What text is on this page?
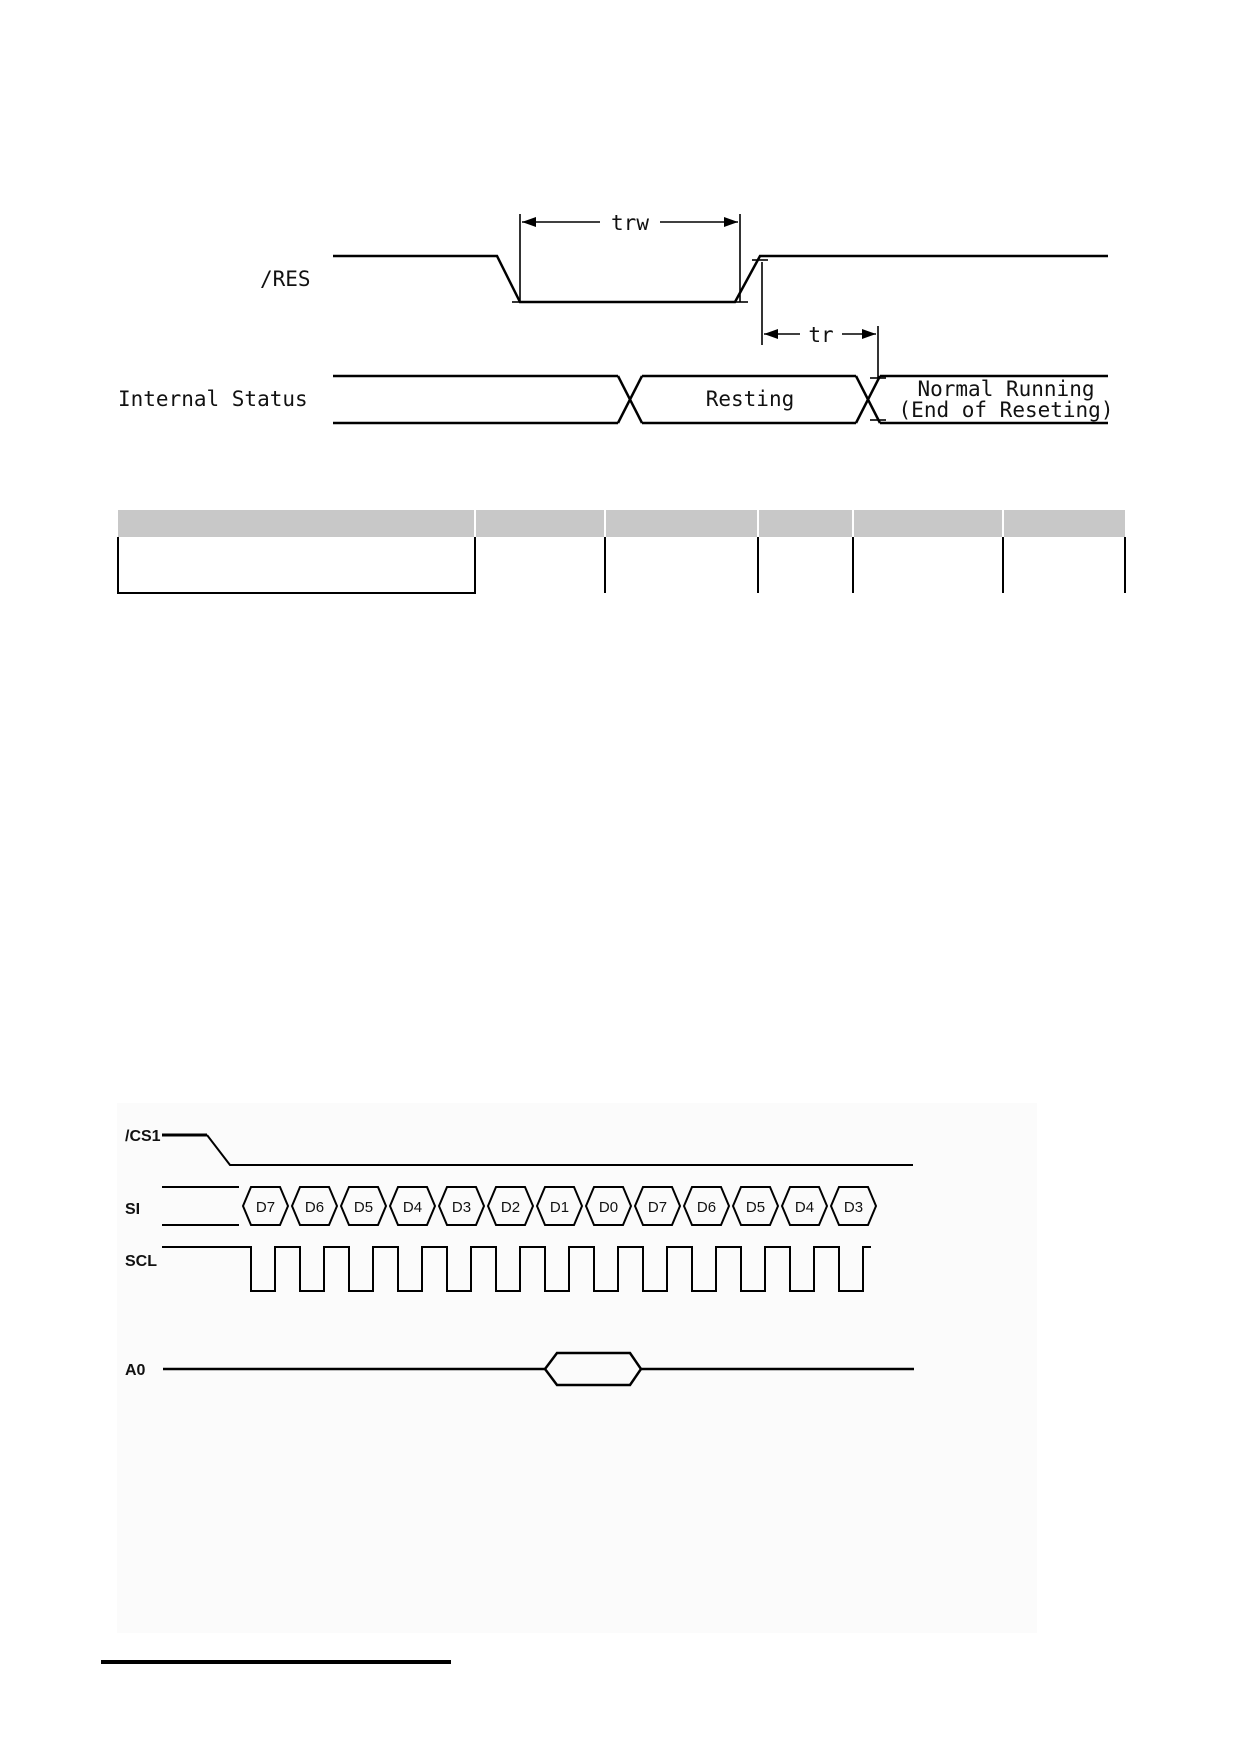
/RES
trw
tr
Internal Status	Resting	Normal Running
(End of Reseting)

/CS1
SI
SCL
A0
D7 D6 D5 D4 D3 D2 D1 D0 D7 D6 D5 D4 D3
